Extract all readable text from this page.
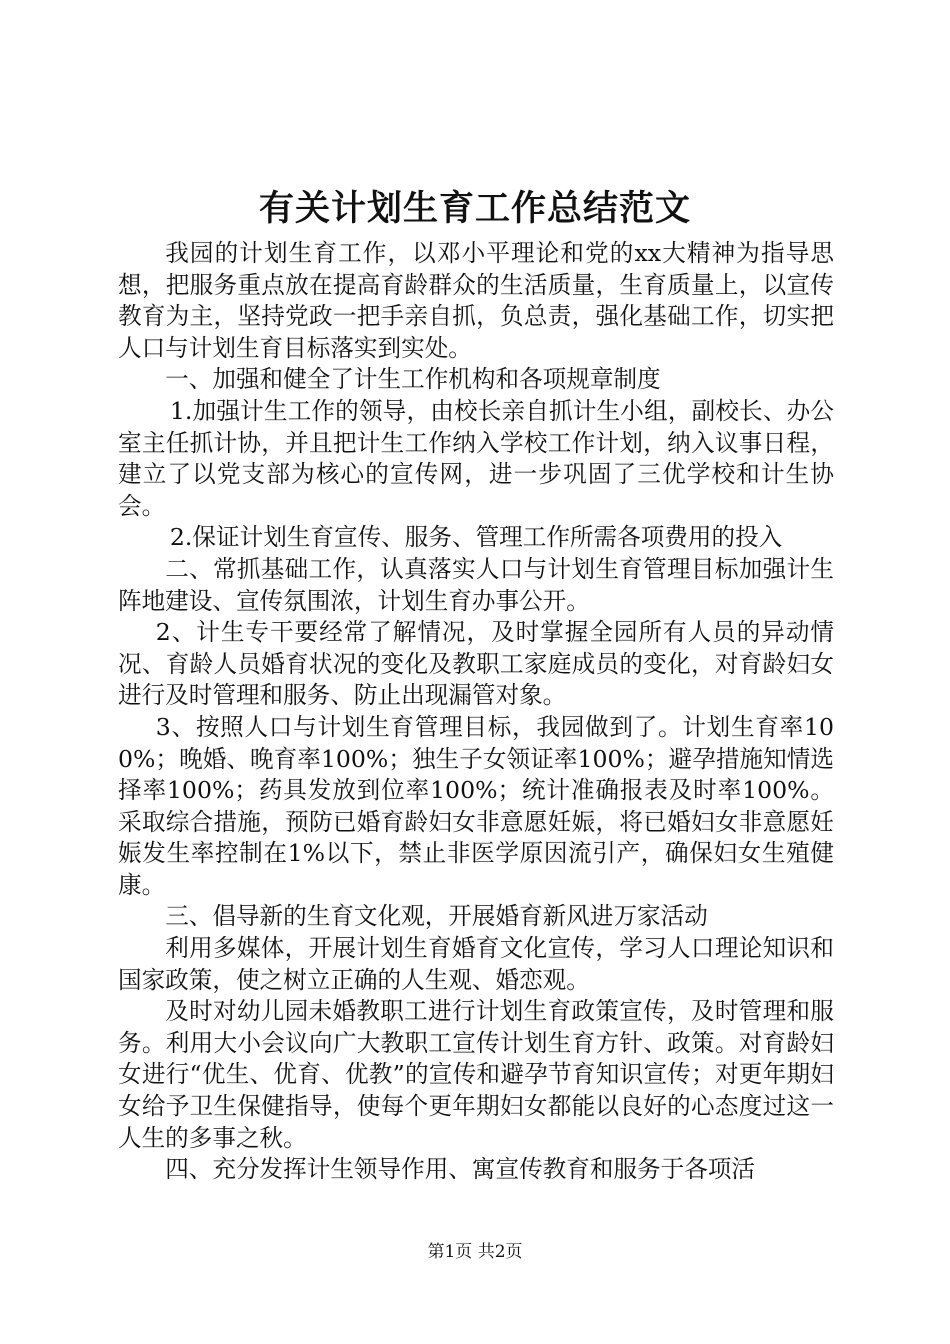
有关计划生育工作总结范文

我园的计划生育工作，以邓小平理论和党的xx大精神为指导思想，把服务重点放在提高育龄群众的生活质量，生育质量上，以宣传教育为主，坚持党政一把手亲自抓，负总责，强化基础工作，切实把人口与计划生育目标落实到实处。

一、加强和健全了计生工作机构和各项规章制度

1.加强计生工作的领导，由校长亲自抓计生小组，副校长、办公室主任抓计协，并且把计生工作纳入学校工作计划，纳入议事日程，建立了以党支部为核心的宣传网，进一步巩固了三优学校和计生协会。

2.保证计划生育宣传、服务、管理工作所需各项费用的投入

二、常抓基础工作，认真落实人口与计划生育管理目标加强计生阵地建设、宣传氛围浓，计划生育办事公开。

2、计生专干要经常了解情况，及时掌握全园所有人员的异动情况、育龄人员婚育状况的变化及教职工家庭成员的变化，对育龄妇女进行及时管理和服务、防止出现漏管对象。

3、按照人口与计划生育管理目标，我园做到了。计划生育率100%；晚婚、晚育率100%；独生子女领证率100%；避孕措施知情选择率100%；药具发放到位率100%；统计准确报表及时率100%。采取综合措施，预防已婚育龄妇女非意愿妊娠，将已婚妇女非意愿妊娠发生率控制在1%以下，禁止非医学原因流引产，确保妇女生殖健康。

三、倡导新的生育文化观，开展婚育新风进万家活动

利用多媒体，开展计划生育婚育文化宣传，学习人口理论知识和国家政策，使之树立正确的人生观、婚恋观。

及时对幼儿园未婚教职工进行计划生育政策宣传，及时管理和服务。利用大小会议向广大教职工宣传计划生育方针、政策。对育龄妇女进行“优生、优育、优教”的宣传和避孕节育知识宣传；对更年期妇女给予卫生保健指导，使每个更年期妇女都能以良好的心态度过这一人生的多事之秋。

四、充分发挥计生领导作用、寓宣传教育和服务于各项活

第1页 共2页
